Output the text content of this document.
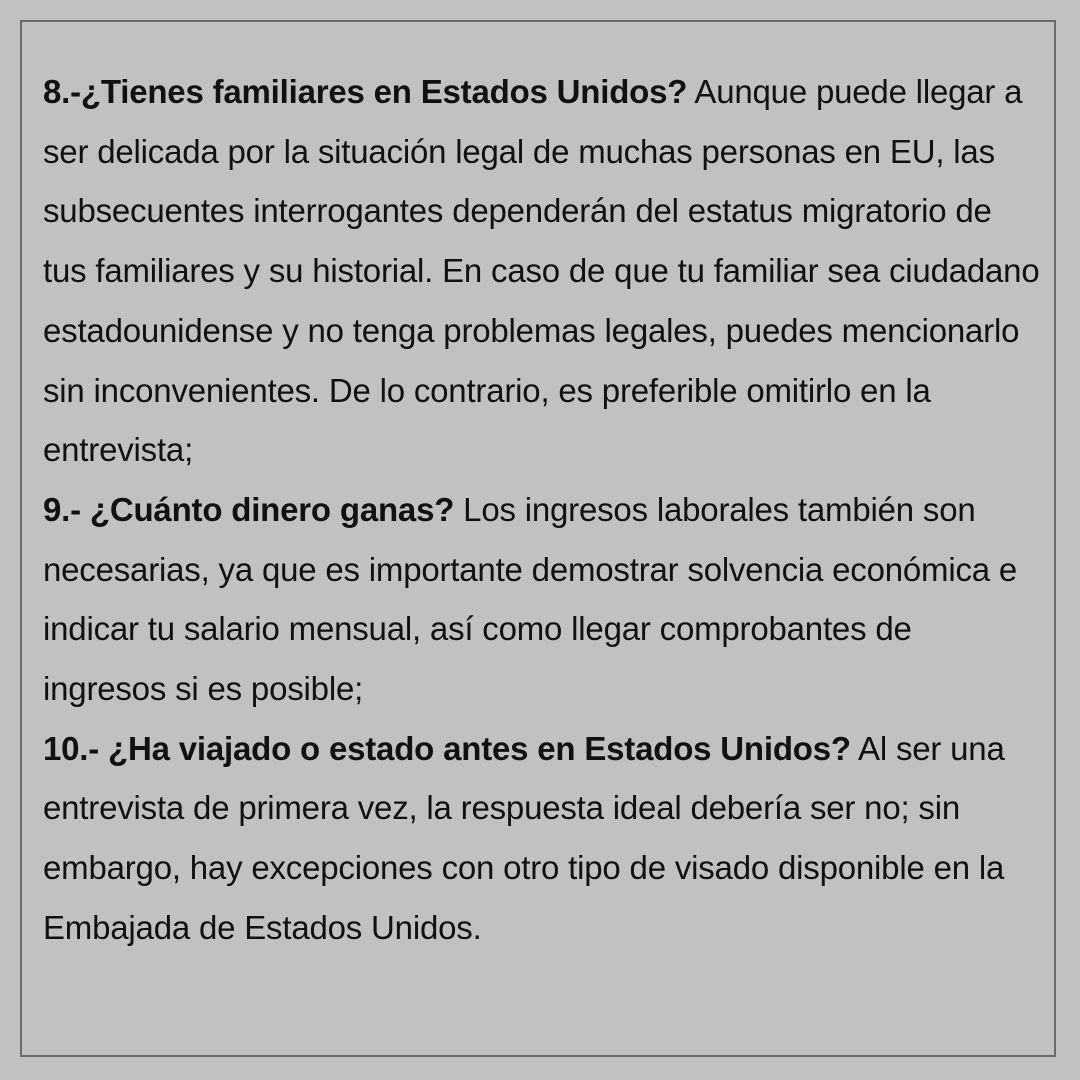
8.-¿Tienes familiares en Estados Unidos? Aunque puede llegar a ser delicada por la situación legal de muchas personas en EU, las subsecuentes interrogantes dependerán del estatus migratorio de tus familiares y su historial. En caso de que tu familiar sea ciudadano estadounidense y no tenga problemas legales, puedes mencionarlo sin inconvenientes. De lo contrario, es preferible omitirlo en la entrevista;

9.- ¿Cuánto dinero ganas? Los ingresos laborales también son necesarias, ya que es importante demostrar solvencia económica e indicar tu salario mensual, así como llegar comprobantes de ingresos si es posible;

10.- ¿Ha viajado o estado antes en Estados Unidos? Al ser una entrevista de primera vez, la respuesta ideal debería ser no; sin embargo, hay excepciones con otro tipo de visado disponible en la Embajada de Estados Unidos.
